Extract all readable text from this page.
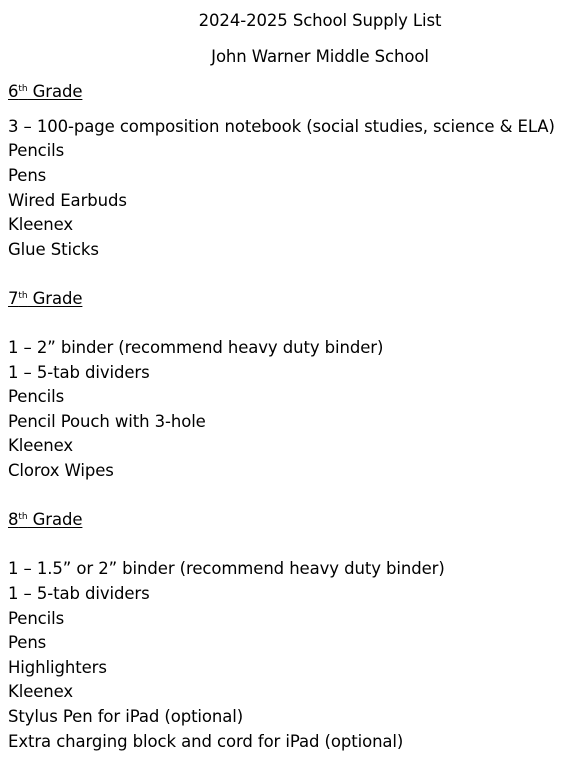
2024-2025 School Supply List
John Warner Middle School
6th Grade
3 – 100-page composition notebook (social studies, science & ELA)
Pencils
Pens
Wired Earbuds
Kleenex
Glue Sticks
7th Grade
1 – 2” binder (recommend heavy duty binder)
1 – 5-tab dividers
Pencils
Pencil Pouch with 3-hole
Kleenex
Clorox Wipes
8th Grade
1 – 1.5” or 2” binder (recommend heavy duty binder)
1 – 5-tab dividers
Pencils
Pens
Highlighters
Kleenex
Stylus Pen for iPad (optional)
Extra charging block and cord for iPad (optional)
